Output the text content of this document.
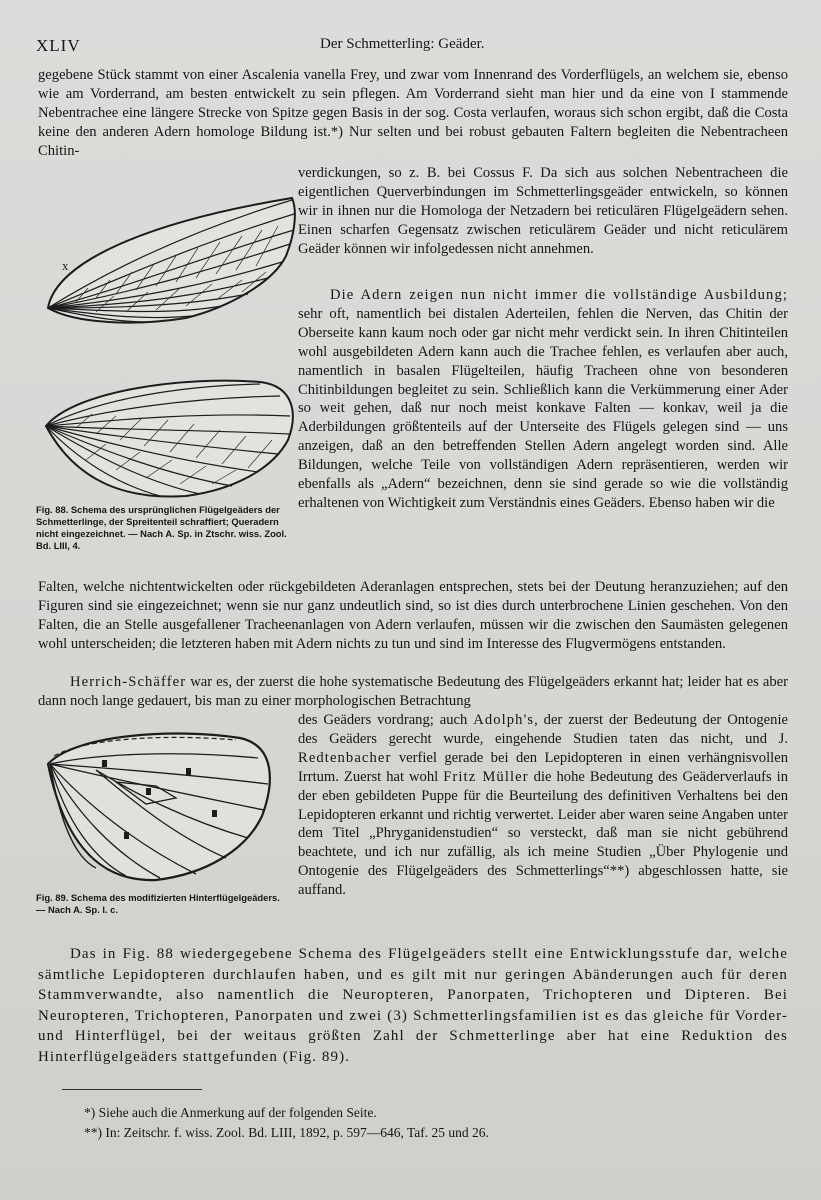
XLIV	Der Schmetterling: Geäder.

gegebene Stück stammt von einer Ascalenia vanella Frey, und zwar vom Innenrand des Vorderflügels, an welchem sie, ebenso wie am Vorderrand, am besten entwickelt zu sein pflegen. Am Vorderrand sieht man hier und da eine von I stammende Nebentrachee eine längere Strecke von Spitze gegen Basis in der sog. Costa verlaufen, woraus sich schon ergibt, daß die Costa keine den anderen Adern homologe Bildung ist.*) Nur selten und bei robust gebauten Faltern begleiten die Nebentracheen Chitin-

verdickungen, so z. B. bei Cossus F. Da sich aus solchen Nebentracheen die eigentlichen Querverbindungen im Schmetterlingsgeäder entwickeln, so können wir in ihnen nur die Homologa der Netzadern bei reticulären Flügelgeädern sehen. Einen scharfen Gegensatz zwischen reticulärem Geäder und nicht reticulärem Geäder können wir infolgedessen nicht annehmen.

Die Adern zeigen nun nicht immer die vollständige Ausbildung; sehr oft, namentlich bei distalen Aderteilen, fehlen die Nerven, das Chitin der Oberseite kann kaum noch oder gar nicht mehr verdickt sein. In ihren Chitinteilen wohl ausgebildeten Adern kann auch die Trachee fehlen, es verlaufen aber auch, namentlich in basalen Flügelteilen, häufig Tracheen ohne von besonderen Chitinbildungen begleitet zu sein. Schließlich kann die Verkümmerung einer Ader so weit gehen, daß nur noch meist konkave Falten — konkav, weil ja die Aderbildungen größtenteils auf der Unterseite des Flügels gelegen sind — uns anzeigen, daß an den betreffenden Stellen Adern angelegt worden sind. Alle Bildungen, welche Teile von vollständigen Adern repräsentieren, werden wir ebenfalls als „Adern“ bezeichnen, denn sie sind gerade so wie die vollständig erhaltenen von Wichtigkeit zum Verständnis eines Geäders. Ebenso haben wir die

x
Fig. 88. Schema des ursprünglichen Flügelgeäders der Schmetterlinge, der Spreitenteil schraffiert; Queradern nicht eingezeichnet. — Nach A. Sp. in Ztschr. wiss. Zool. Bd. LIII, 4.

Falten, welche nichtentwickelten oder rückgebildeten Aderanlagen entsprechen, stets bei der Deutung heranzuziehen; auf den Figuren sind sie eingezeichnet; wenn sie nur ganz undeutlich sind, so ist dies durch unterbrochene Linien geschehen. Von den Falten, die an Stelle ausgefallener Tracheenanlagen von Adern verlaufen, müssen wir die zwischen den Saumästen gelegenen wohl unterscheiden; die letzteren haben mit Adern nichts zu tun und sind im Interesse des Flugvermögens entstanden.

Herrich-Schäffer war es, der zuerst die hohe systematische Bedeutung des Flügelgeäders erkannt hat; leider hat es aber dann noch lange gedauert, bis man zu einer morphologischen Betrachtung

Fig. 89. Schema des modifizierten Hinterflügelgeäders. — Nach A. Sp. l. c.

des Geäders vordrang; auch Adolph's, der zuerst der Bedeutung der Ontogenie des Geäders gerecht wurde, eingehende Studien taten das nicht, und J. Redtenbacher verfiel gerade bei den Lepidopteren in einen verhängnisvollen Irrtum. Zuerst hat wohl Fritz Müller die hohe Bedeutung des Geäderverlaufs in der eben gebildeten Puppe für die Beurteilung des definitiven Verhaltens bei den Lepidopteren erkannt und richtig verwertet. Leider aber waren seine Angaben unter dem Titel „Phryganidenstudien“ so versteckt, daß man sie nicht gebührend beachtete, und ich nur zufällig, als ich meine Studien „Über Phylogenie und Ontogenie des Flügelgeäders des Schmetterlings“**) abgeschlossen hatte, sie auffand.

Das in Fig. 88 wiedergegebene Schema des Flügelgeäders stellt eine Entwicklungsstufe dar, welche sämtliche Lepidopteren durchlaufen haben, und es gilt mit nur geringen Abänderungen auch für deren Stammverwandte, also namentlich die Neuropteren, Panorpaten, Trichopteren und Dipteren. Bei Neuropteren, Trichopteren, Panorpaten und zwei (3) Schmetterlingsfamilien ist es das gleiche für Vorder- und Hinterflügel, bei der weitaus größten Zahl der Schmetterlinge aber hat eine Reduktion des Hinterflügelgeäders stattgefunden (Fig. 89).

*) Siehe auch die Anmerkung auf der folgenden Seite.
**) In: Zeitschr. f. wiss. Zool. Bd. LIII, 1892, p. 597—646, Taf. 25 und 26.
